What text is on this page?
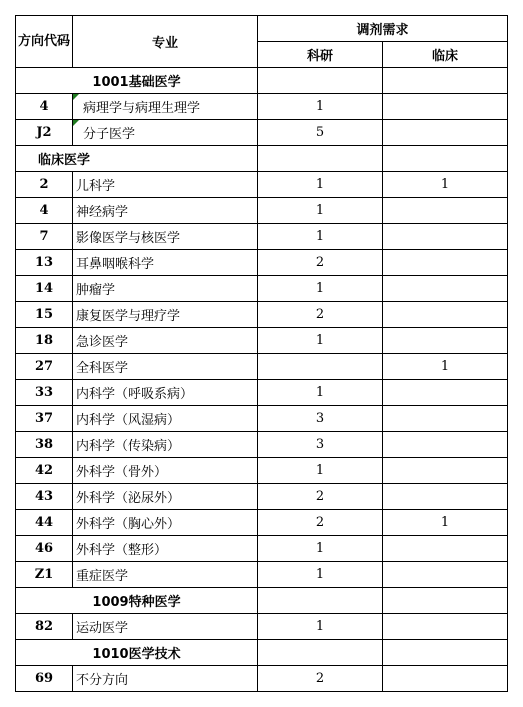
方向代码	专业	调剂需求	
		科研	临床
1001基础医学			
4	病理学与病理生理学	1	
J2	分子医学	5	
临床医学			
2	儿科学	1	1
4	神经病学	1	
7	影像医学与核医学	1	
13	耳鼻咽喉科学	2	
14	肿瘤学	1	
15	康复医学与理疗学	2	
18	急诊医学	1	
27	全科医学		1
33	内科学（呼吸系病）	1	
37	内科学（风湿病）	3	
38	内科学（传染病）	3	
42	外科学（骨外）	1	
43	外科学（泌尿外）	2	
44	外科学（胸心外）	2	1
46	外科学（整形）	1	
Z1	重症医学	1	
1009特种医学			
82	运动医学	1	
1010医学技术			
69	不分方向	2	
